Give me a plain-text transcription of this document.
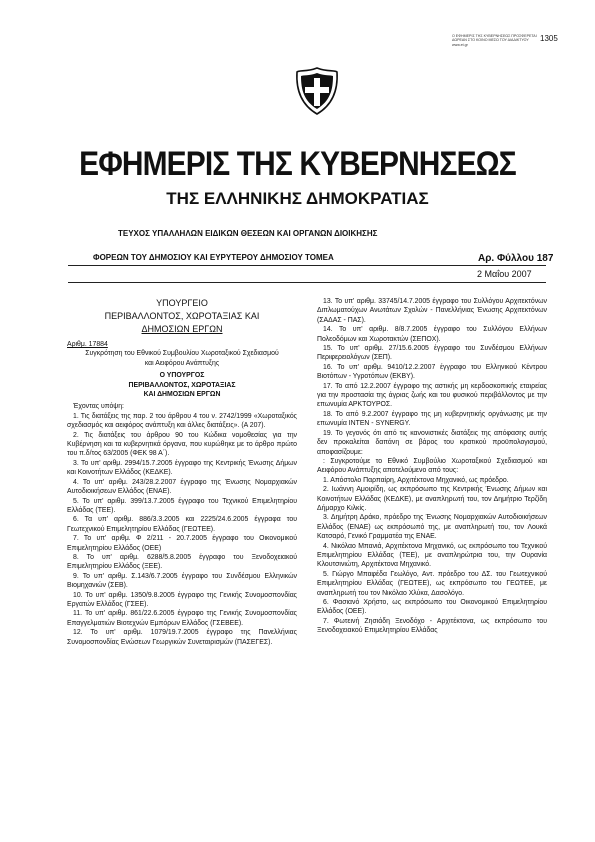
Ο ΕΦΗΜΕΡΙΣ ΤΗΣ ΚΥΒΕΡΝΗΣΕΩΣ ΠΡΟΣΦΕΡΕΤΑΙ ΔΩΡΕΑΝ ΣΤΟ ΚΟΙΝΟ ΜΕΣΩ ΤΟΥ ΔΙΑΔΙΚΤΥΟΥ www.et.gr
1305
ΕΦΗΜΕΡΙΣ ΤΗΣ ΚΥΒΕΡΝΗΣΕΩΣ
ΤΗΣ ΕΛΛΗΝΙΚΗΣ ΔΗΜΟΚΡΑΤΙΑΣ
ΤΕΥΧΟΣ ΥΠΑΛΛΗΛΩΝ ΕΙΔΙΚΩΝ ΘΕΣΕΩΝ ΚΑΙ ΟΡΓΑΝΩΝ ΔΙΟΙΚΗΣΗΣ
ΦΟΡΕΩΝ ΤΟΥ ΔΗΜΟΣΙΟΥ ΚΑΙ ΕΥΡΥΤΕΡΟΥ ΔΗΜΟΣΙΟΥ ΤΟΜΕΑ	Αρ. Φύλλου 187
2 Μαΐου 2007
ΥΠΟΥΡΓΕΙΟ
ΠΕΡΙΒΑΛΛΟΝΤΟΣ, ΧΩΡΟΤΑΞΙΑΣ ΚΑΙ
ΔΗΜΟΣΙΩΝ ΕΡΓΩΝ

Αριθμ. 17884

Συγκρότηση του Εθνικού Συμβουλίου Χωροταξικού Σχεδιασμού και Αειφόρου Ανάπτυξης

Ο ΥΠΟΥΡΓΟΣ
ΠΕΡΙΒΑΛΛΟΝΤΟΣ, ΧΩΡΟΤΑΞΙΑΣ
ΚΑΙ ΔΗΜΟΣΙΩΝ ΕΡΓΩΝ

Έχοντας υπόψη:

1. Τις διατάξεις της παρ. 2 του άρθρου 4 του ν. 2742/1999 «Χωροταξικός σχεδιασμός και αειφόρος ανάπτυξη και άλλες διατάξεις». (Α 207).

2. Τις διατάξεις του άρθρου 90 του Κώδικα νομοθεσίας για την Κυβέρνηση και τα κυβερνητικά όργανα, που κυρώθηκε με το άρθρο πρώτο του π.δ/τος 63/2005 (ΦΕΚ 98 Α΄).

3. Το υπ' αριθμ. 2994/15.7.2005 έγγραφο της Κεντρικής Ένωσης Δήμων και Κοινοτήτων Ελλάδος (ΚΕΔΚΕ).

4. Το υπ' αριθμ. 243/28.2.2007 έγγραφο της Ένωσης Νομαρχιακών Αυτοδιοικήσεων Ελλάδος (ΕΝΑΕ).

5. Το υπ' αριθμ. 399/13.7.2005 έγγραφο του Τεχνικού Επιμελητηρίου Ελλάδας (ΤΕΕ).

6. Τα υπ' αριθμ. 886/3.3.2005 και 2225/24.6.2005 έγγραφα του Γεωτεχνικού Επιμελητηρίου Ελλάδας (ΓΕΩΤΕΕ).

7. Το υπ' αριθμ. Φ 2/211 - 20.7.2005 έγγραφο του Οικονομικού Επιμελητηρίου Ελλάδος (ΟΕΕ)

8. Το υπ' αριθμ. 6288/5.8.2005 έγγραφο του Ξενοδοχειακού Επιμελητηρίου Ελλάδος (ΞΕΕ).

9. Το υπ' αριθμ. Σ.143/6.7.2005 έγγραφο του Συνδέσμου Ελληνικών Βιομηχανιών (ΣΕΒ).

10. Το υπ' αριθμ. 1350/9.8.2005 έγγραφο της Γενικής Συνομοσπονδίας Εργατών Ελλάδος (ΓΣΕΕ).

11. Το υπ' αριθμ. 861/22.6.2005 έγγραφο της Γενικής Συνομοσπονδίας Επαγγελματιών Βιοτεχνών Εμπόρων Ελλάδος (ΓΣΕΒΕΕ).

12. Το υπ' αριθμ. 1079/19.7.2005 έγγραφο της Πανελλήνιας Συνομοσπονδίας Ενώσεων Γεωργικών Συνεταιρισμών (ΠΑΣΕΓΕΣ).

13. Το υπ' αριθμ. 33745/14.7.2005 έγγραφο του Συλλόγου Αρχιτεκτόνων Διπλωματούχων Ανωτάτων Σχολών - Πανελλήνιας Ένωσης Αρχιτεκτόνων (ΣΑΔΑΣ - ΠΑΣ).

14. Το υπ' αριθμ. 8/8.7.2005 έγγραφο του Συλλόγου Ελλήνων Πολεοδόμων και Χωροτακτών (ΣΕΠΟΧ).

15. Το υπ' αριθμ. 27/15.6.2005 έγγραφο του Συνδέσμου Ελλήνων Περιφερειολόγων (ΣΕΠ).

16. Το υπ' αριθμ. 9410/12.2.2007 έγγραφο του Ελληνικού Κέντρου Βιοτόπων - Υγροτόπων (ΕΚΒΥ).

17. Το από 12.2.2007 έγγραφο της αστικής μη κερδοσκοπικής εταιρείας για την προστασία της άγριας ζωής και του φυσικού περιβάλλοντος με την επωνυμία ΑΡΚΤΟΥΡΟΣ.

18. Το από 9.2.2007 έγγραφο της μη κυβερνητικής οργάνωσης με την επωνυμία ΙΝΤΕΝ - SYNERGY.

19. Το γεγονός ότι από τις κανονιστικές διατάξεις της απόφασης αυτής δεν προκαλείται δαπάνη σε βάρος του κρατικού προϋπολογισμού, αποφασίζουμε:

: Συγκροτούμε το Εθνικό Συμβούλιο Χωροταξικού Σχεδιασμού και Αειφόρου Ανάπτυξης αποτελούμενο από τους:

1. Απόστολο Παρπαίρη, Αρχιτέκτονα Μηχανικό, ως πρόεδρο.

2. Ιωάννη Αμοιρίδη, ως εκπρόσωπο της Κεντρικής Ένωσης Δήμων και Κοινοτήτων Ελλάδας (ΚΕΔΚΕ), με αναπληρωτή του, τον Δημήτριο Τερζίδη Δήμαρχο Κιλκίς.

3. Δημήτρη Δράκο, πρόεδρο της Ένωσης Νομαρχιακών Αυτοδιοικήσεων Ελλάδος (ΕΝΑΕ) ως εκπρόσωπό της, με αναπληρωτή του, τον Λουκά Κατσαρό, Γενικό Γραμματέα της ΕΝΑΕ.

4. Νικόλαο Μπανιά, Αρχιτέκτονα Μηχανικό, ως εκπρόσωπο του Τεχνικού Επιμελητηρίου Ελλάδας (ΤΕΕ), με αναπληρώτρια του, την Ουρανία Κλουτσινιώτη, Αρχιτέκτονα Μηχανικό.

5. Γιώργο Μπαφέδα Γεωλόγο, Αντ. πρόεδρο του ΔΣ. του Γεωτεχνικού Επιμελητηρίου Ελλάδας (ΓΕΩΤΕΕ), ως εκπρόσωπο του ΓΕΩΤΕΕ, με αναπληρωτή του τον Νικόλαο Χλύκα, Δασολόγο.

6. Φασιανό Χρήστο, ως εκπρόσωπο του Οικονομικού Επιμελητηρίου Ελλάδος (ΟΕΕ).

7. Φωτεινή Ζησιάδη Ξενοδόχο - Αρχιτέκτονα, ως εκπρόσωπο του Ξενοδοχειακού Επιμελητηρίου Ελλάδας
